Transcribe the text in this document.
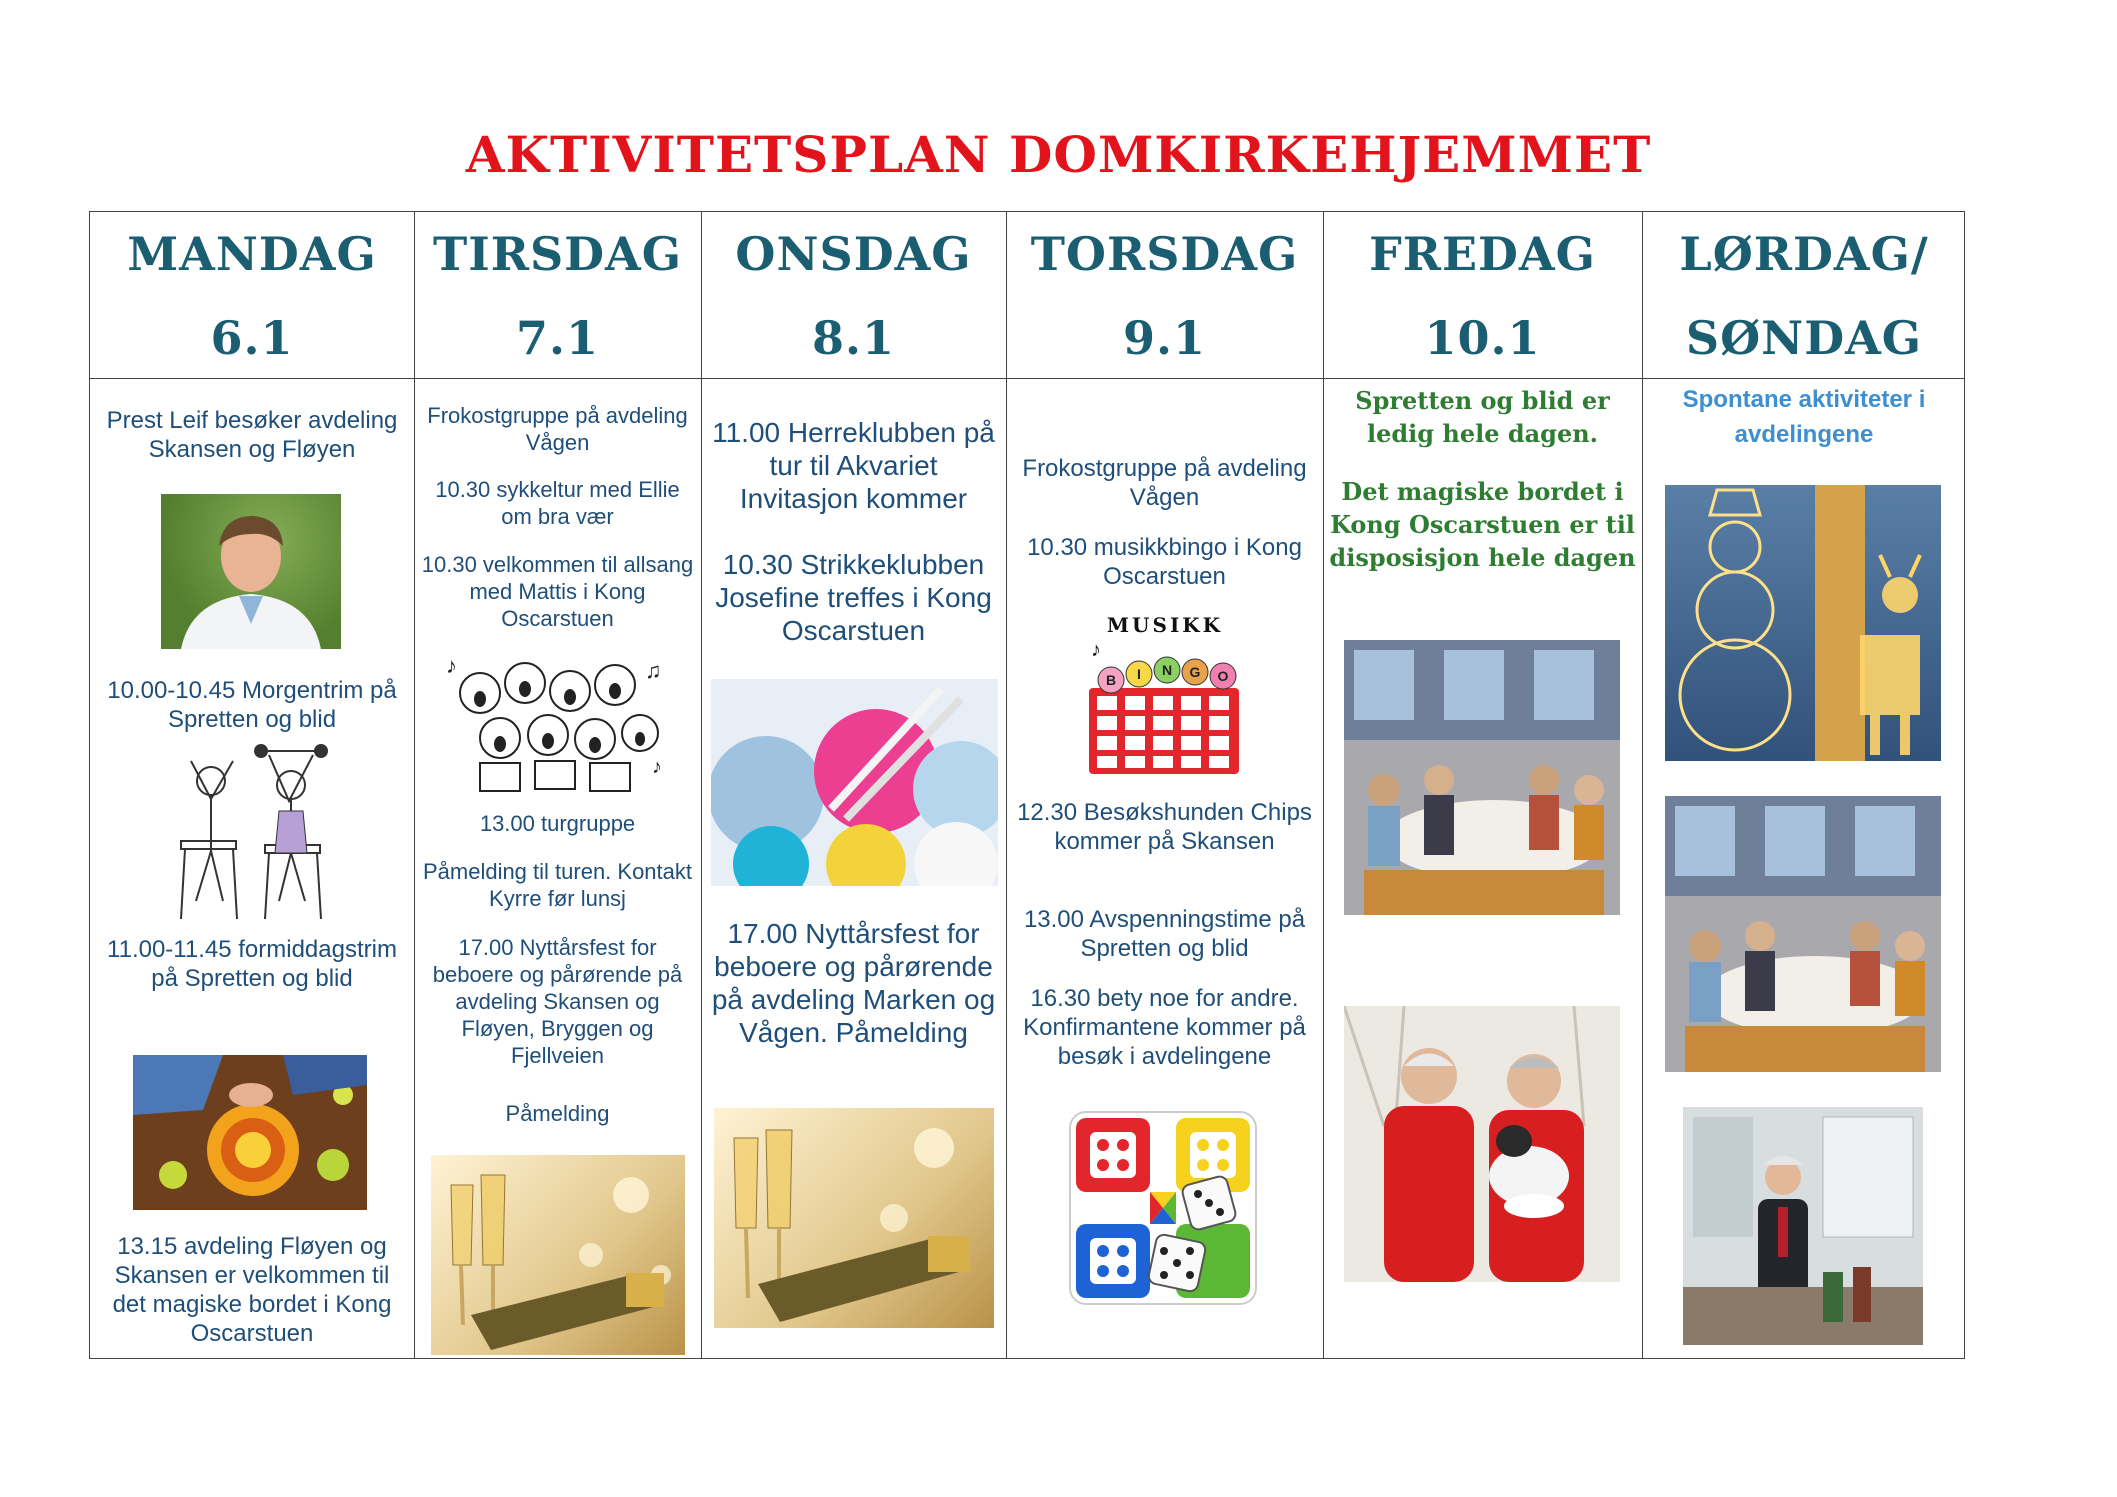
AKTIVITETSPLAN DOMKIRKEHJEMMET
MANDAG
6.1
TIRSDAG
7.1
ONSDAG
8.1
TORSDAG
9.1
FREDAG
10.1
LØRDAG/
SØNDAG
Prest Leif besøker avdeling Skansen og Fløyen
10.00-10.45 Morgentrim på Spretten og blid
11.00-11.45 formiddagstrim på Spretten og blid
13.15 avdeling Fløyen og Skansen er velkommen til det magiske bordet i Kong Oscarstuen
Frokostgruppe på avdeling Vågen
10.30 sykkeltur med Ellie om bra vær
10.30 velkommen til allsang med Mattis i Kong Oscarstuen
♪	♫
♪
13.00 turgruppe
Påmelding til turen. Kontakt Kyrre før lunsj
17.00 Nyttårsfest for beboere og pårørende på avdeling Skansen og Fløyen, Bryggen og Fjellveien
Påmelding
11.00 Herreklubben på tur til Akvariet Invitasjon kommer
10.30 Strikkeklubben Josefine treffes i Kong Oscarstuen
17.00 Nyttårsfest for beboere og pårørende på avdeling Marken og Vågen. Påmelding
Frokostgruppe på avdeling Vågen
10.30 musikkbingo i Kong Oscarstuen
B I N G O
MUSIKK
♪
12.30 Besøkshunden Chips kommer på Skansen
13.00 Avspenningstime på Spretten og blid
16.30 bety noe for andre. Konfirmantene kommer på besøk i avdelingene
Spretten og blid er ledig hele dagen.
Det magiske bordet i Kong Oscarstuen er til disposisjon hele dagen
Spontane aktiviteter i avdelingene
